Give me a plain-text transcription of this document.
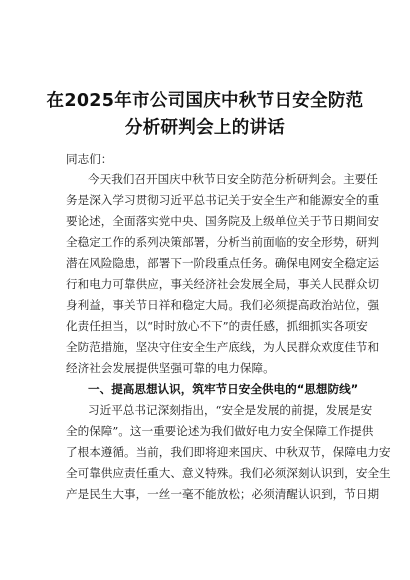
在2025年市公司国庆中秋节日安全防范
分析研判会上的讲话
同志们：
今天我们召开国庆中秋节日安全防范分析研判会。主要任
务是深入学习贯彻习近平总书记关于安全生产和能源安全的重
要论述，全面落实党中央、国务院及上级单位关于节日期间安
全稳定工作的系列决策部署，分析当前面临的安全形势，研判
潜在风险隐患，部署下一阶段重点任务。确保电网安全稳定运
行和电力可靠供应，事关经济社会发展全局，事关人民群众切
身利益，事关节日祥和稳定大局。我们必须提高政治站位，强
化责任担当，以“时时放心不下”的责任感，抓细抓实各项安
全防范措施，坚决守住安全生产底线，为人民群众欢度佳节和
经济社会发展提供坚强可靠的电力保障。
一、提高思想认识，筑牢节日安全供电的“思想防线”
习近平总书记深刻指出，“安全是发展的前提，发展是安
全的保障”。这一重要论述为我们做好电力安全保障工作提供
了根本遵循。当前，我们即将迎来国庆、中秋双节，保障电力安
全可靠供应责任重大、意义特殊。我们必须深刻认识到，安全生
产是民生大事，一丝一毫不能放松；必须清醒认识到，节日期
